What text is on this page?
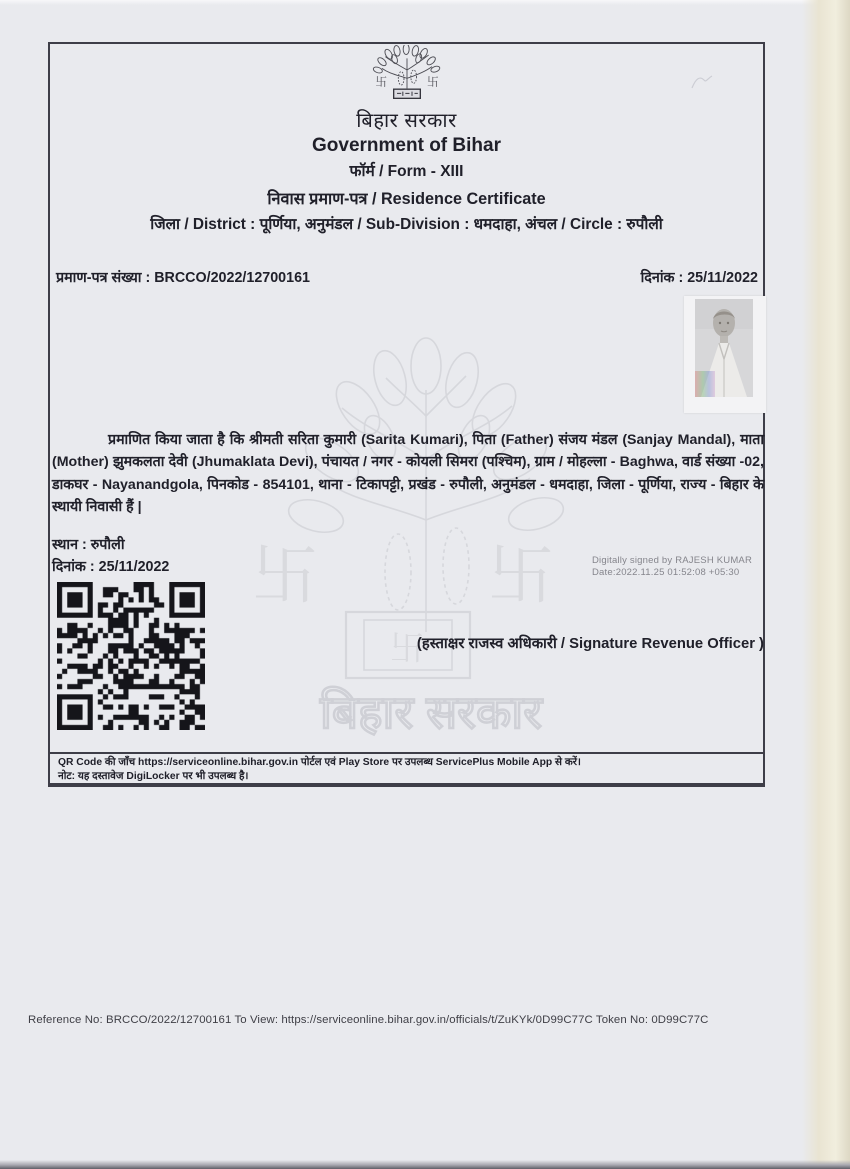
卐	卐
卐
बिहार सरकार
卐	卐
बिहार सरकार
Government of Bihar
फॉर्म / Form - XIII
निवास प्रमाण-पत्र / Residence Certificate
जिला / District : पूर्णिया, अनुमंडल / Sub-Division : धमदाहा, अंचल / Circle : रुपौली
प्रमाण-पत्र संख्या : BRCCO/2022/12700161	दिनांक : 25/11/2022
प्रमाणित किया जाता है कि श्रीमती सरिता कुमारी (Sarita Kumari), पिता (Father) संजय मंडल (Sanjay Mandal), माता (Mother) झुमकलता देवी (Jhumaklata Devi), पंचायत / नगर - कोयली सिमरा (पश्चिम), ग्राम / मोहल्ला - Baghwa, वार्ड संख्या -02, डाकघर - Nayanandgola, पिनकोड - 854101, थाना - टिकापट्टी, प्रखंड - रुपौली, अनुमंडल - धमदाहा, जिला - पूर्णिया, राज्य - बिहार के स्थायी निवासी हैं |
स्थान : रुपौली
दिनांक : 25/11/2022	Digitally signed by RAJESH KUMAR
Date:2022.11.25 01:52:08 +05:30
(हस्ताक्षर राजस्व अधिकारी / Signature Revenue Officer )
QR Code की जाँच https://serviceonline.bihar.gov.in पोर्टल एवं Play Store पर उपलब्ध ServicePlus Mobile App से करें।
नोट: यह दस्तावेज DigiLocker पर भी उपलब्ध है।
Reference No: BRCCO/2022/12700161 To View: https://serviceonline.bihar.gov.in/officials/t/ZuKYk/0D99C77C Token No: 0D99C77C
